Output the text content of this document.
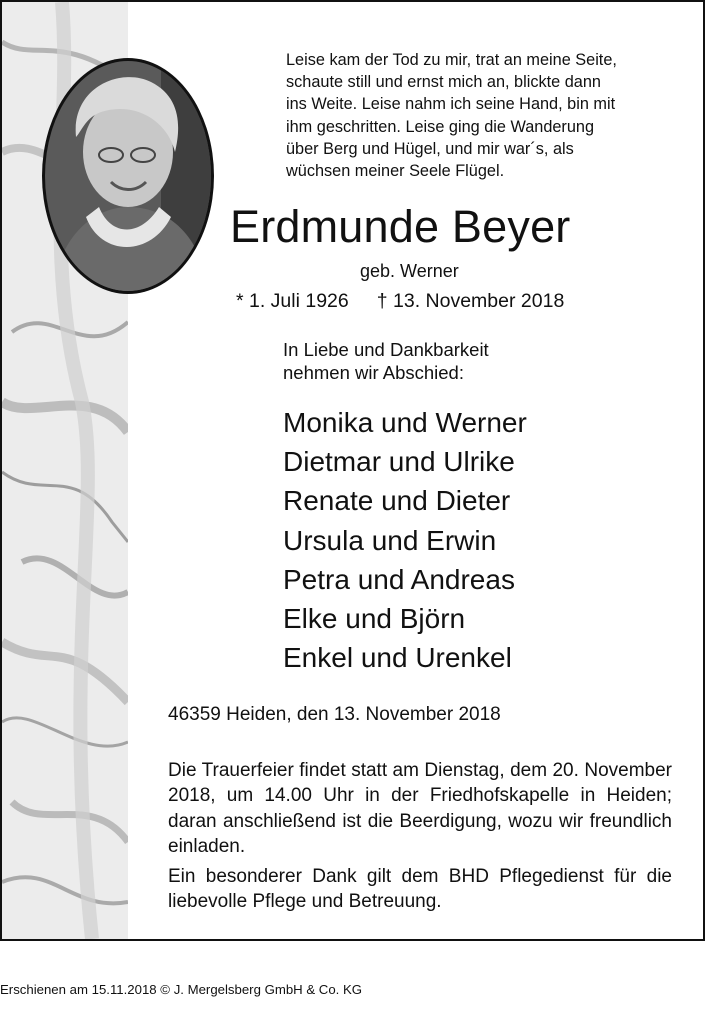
Leise kam der Tod zu mir, trat an meine Seite,
schaute still und ernst mich an, blickte dann
ins Weite. Leise nahm ich seine Hand, bin mit
ihm geschritten. Leise ging die Wanderung
über Berg und Hügel, und mir war´s, als
wüchsen meiner Seele Flügel.
Erdmunde Beyer
geb. Werner
* 1. Juli 1926 † 13. November 2018
In Liebe und Dankbarkeit
nehmen wir Abschied:
Monika und Werner
Dietmar und Ulrike
Renate und Dieter
Ursula und Erwin
Petra und Andreas
Elke und Björn
Enkel und Urenkel
46359 Heiden, den 13. November 2018
Die Trauerfeier findet statt am Dienstag, dem 20. November 2018, um 14.00 Uhr in der Friedhofskapelle in Heiden; daran anschließend ist die Beerdigung, wozu wir freundlich einladen.
Ein besonderer Dank gilt dem BHD Pflegedienst für die liebevolle Pflege und Betreuung.
Erschienen am 15.11.2018 © J. Mergelsberg GmbH & Co. KG
